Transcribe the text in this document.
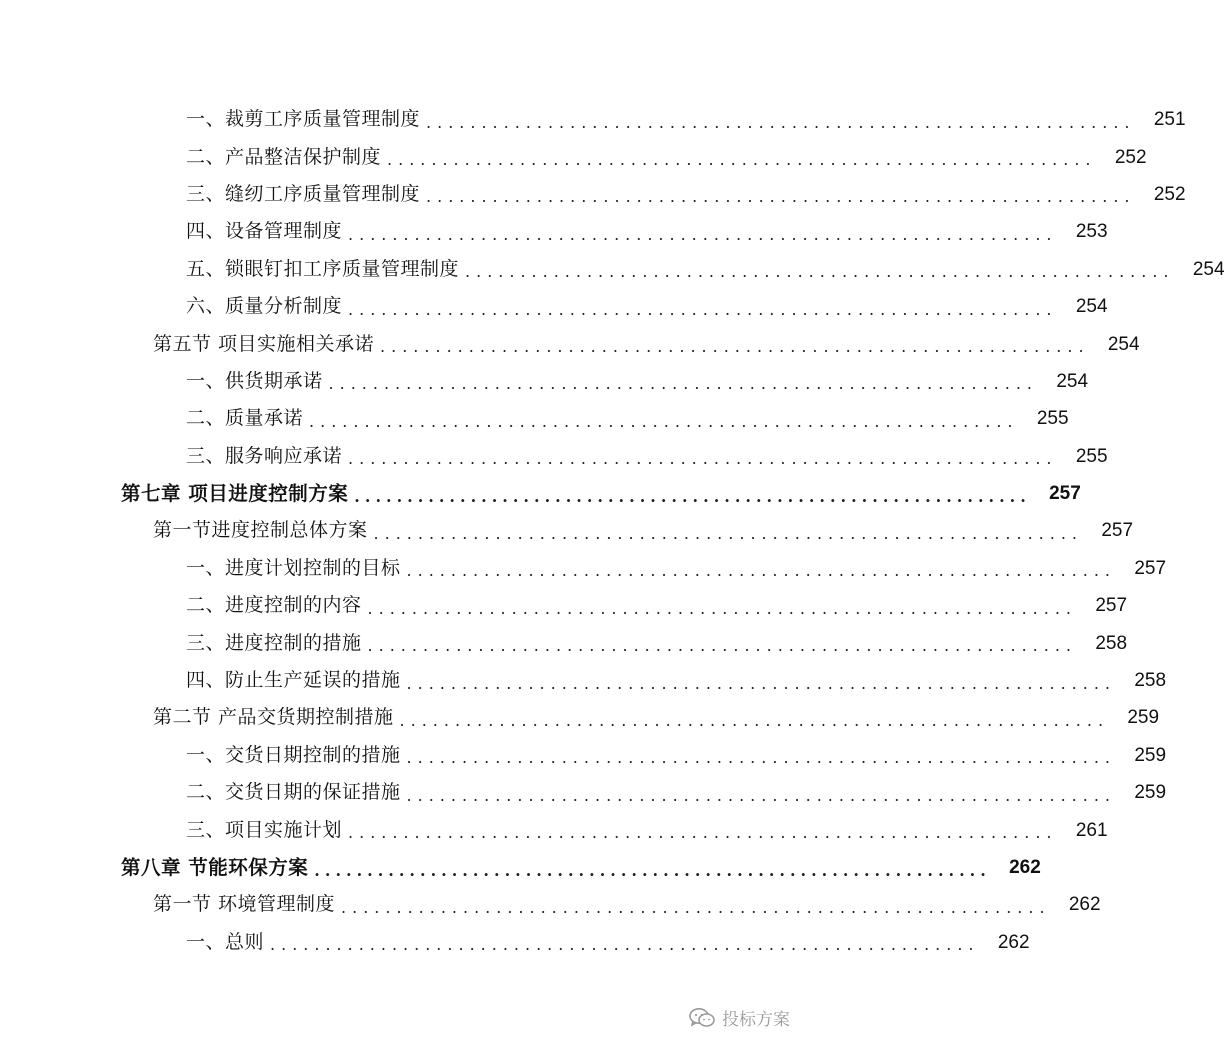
一、裁剪工序质量管理制度 ................................................................ 251
二、产品整洁保护制度 ................................................................ 252
三、缝纫工序质量管理制度 ................................................................ 252
四、设备管理制度 ................................................................ 253
五、锁眼钉扣工序质量管理制度 ................................................................ 254
六、质量分析制度 ................................................................ 254
第五节 项目实施相关承诺 ................................................................ 254
一、供货期承诺 ................................................................ 254
二、质量承诺 ................................................................ 255
三、服务响应承诺 ................................................................ 255
第七章 项目进度控制方案 ................................................................ 257
第一节进度控制总体方案 ................................................................ 257
一、进度计划控制的目标 ................................................................ 257
二、进度控制的内容 ................................................................ 257
三、进度控制的措施 ................................................................ 258
四、防止生产延误的措施 ................................................................ 258
第二节 产品交货期控制措施 ................................................................ 259
一、交货日期控制的措施 ................................................................ 259
二、交货日期的保证措施 ................................................................ 259
三、项目实施计划 ................................................................ 261
第八章 节能环保方案 ................................................................ 262
第一节 环境管理制度 ................................................................ 262
一、总则 ................................................................ 262
投标方案
